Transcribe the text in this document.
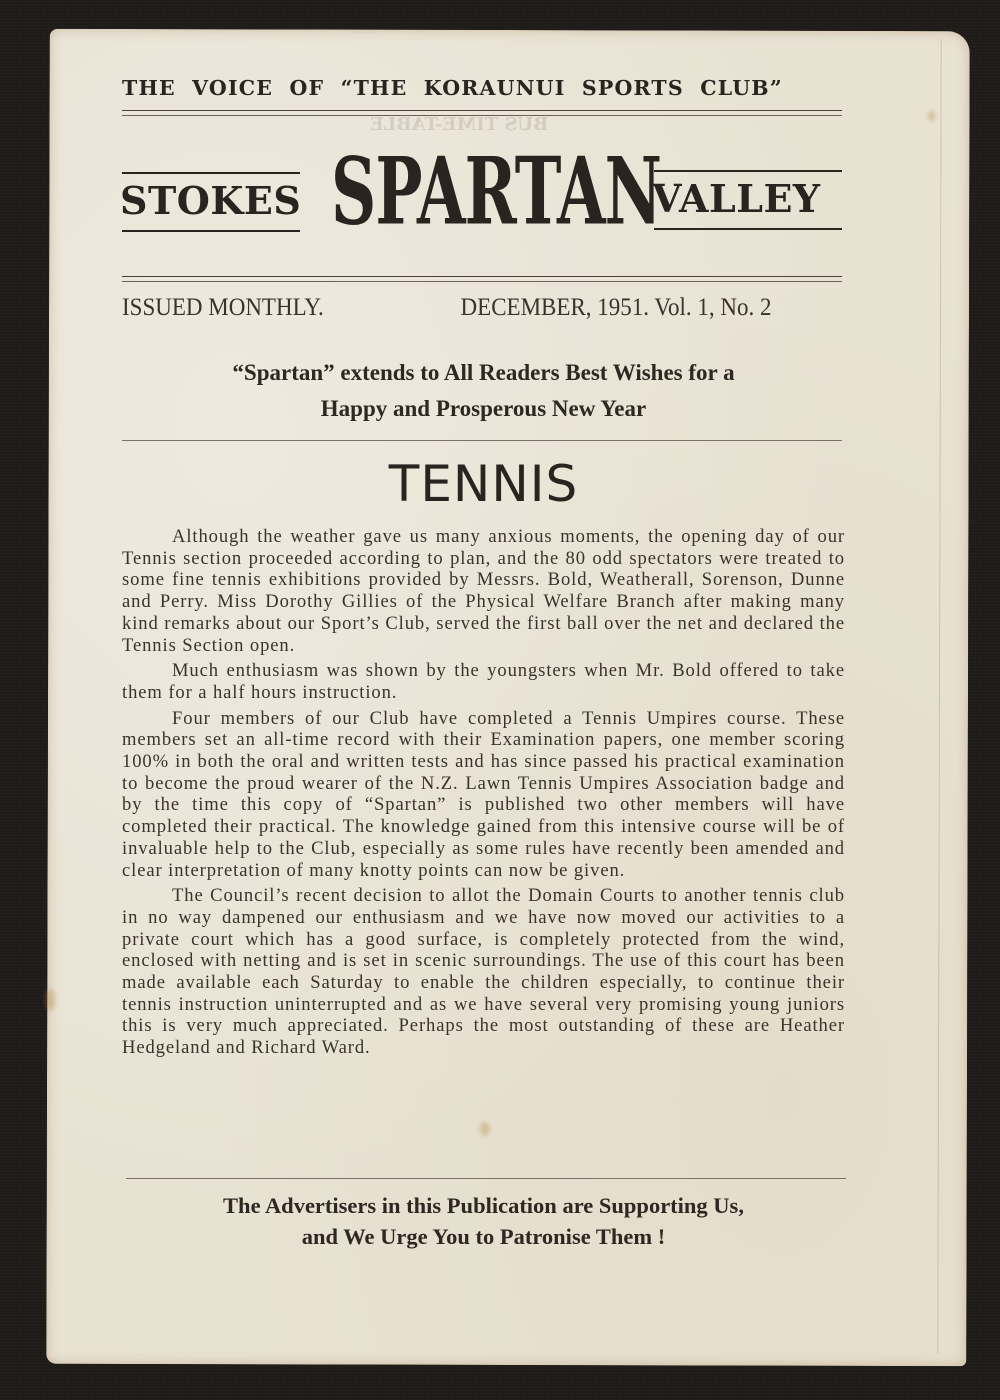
BUS TIME-TABLE
THE VOICE OF “THE KORAUNUI SPORTS CLUB”
STOKES SPARTAN
VALLEY
ISSUED MONTHLY.	DECEMBER, 1951. Vol. 1, No. 2
“Spartan” extends to All Readers Best Wishes for a
Happy and Prosperous New Year
TENNIS

Although the weather gave us many anxious moments, the opening day of our Tennis section proceeded according to plan, and the 80 odd spectators were treated to some fine tennis exhibitions provided by Messrs. Bold, Weatherall, Sorenson, Dunne and Perry. Miss Dorothy Gillies of the Physical Welfare Branch after making many kind remarks about our Sport’s Club, served the first ball over the net and declared the Tennis Section open.

Much enthusiasm was shown by the youngsters when Mr. Bold offered to take them for a half hours instruction.

Four members of our Club have completed a Tennis Umpires course. These members set an all-time record with their Examination papers, one member scoring 100% in both the oral and written tests and has since passed his practical examination to become the proud wearer of the N.Z. Lawn Tennis Umpires Association badge and by the time this copy of “Spartan” is published two other members will have completed their practical. The knowledge gained from this intensive course will be of invaluable help to the Club, especially as some rules have recently been amended and clear interpretation of many knotty points can now be given.

The Council’s recent decision to allot the Domain Courts to another tennis club in no way dampened our enthusiasm and we have now moved our activities to a private court which has a good surface, is completely protected from the wind, enclosed with netting and is set in scenic surroundings. The use of this court has been made available each Saturday to enable the children especially, to continue their tennis instruction uninterrupted and as we have several very promising young juniors this is very much appreciated. Perhaps the most outstanding of these are Heather Hedgeland and Richard Ward.

The Advertisers in this Publication are Supporting Us,
and We Urge You to Patronise Them !
